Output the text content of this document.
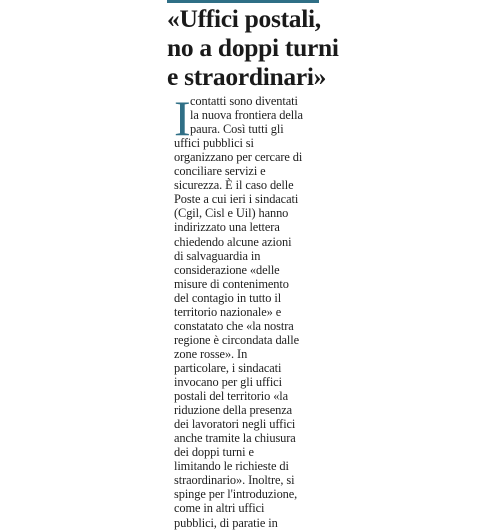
«Uffici postali,
no a doppi turni
e straordinari»
I contatti sono diventati
la nuova frontiera della
paura. Così tutti gli
uffici pubblici si
organizzano per cercare di
conciliare servizi e
sicurezza. È il caso delle
Poste a cui ieri i sindacati
(Cgil, Cisl e Uil) hanno
indirizzato una lettera
chiedendo alcune azioni
di salvaguardia in
considerazione «delle
misure di contenimento
del contagio in tutto il
territorio nazionale» e
constatato che «la nostra
regione è circondata dalle
zone rosse». In
particolare, i sindacati
invocano per gli uffici
postali del territorio «la
riduzione della presenza
dei lavoratori negli uffici
anche tramite la chiusura
dei doppi turni e
limitando le richieste di
straordinario». Inoltre, si
spinge per l'introduzione,
come in altri uffici
pubblici, di paratie in
